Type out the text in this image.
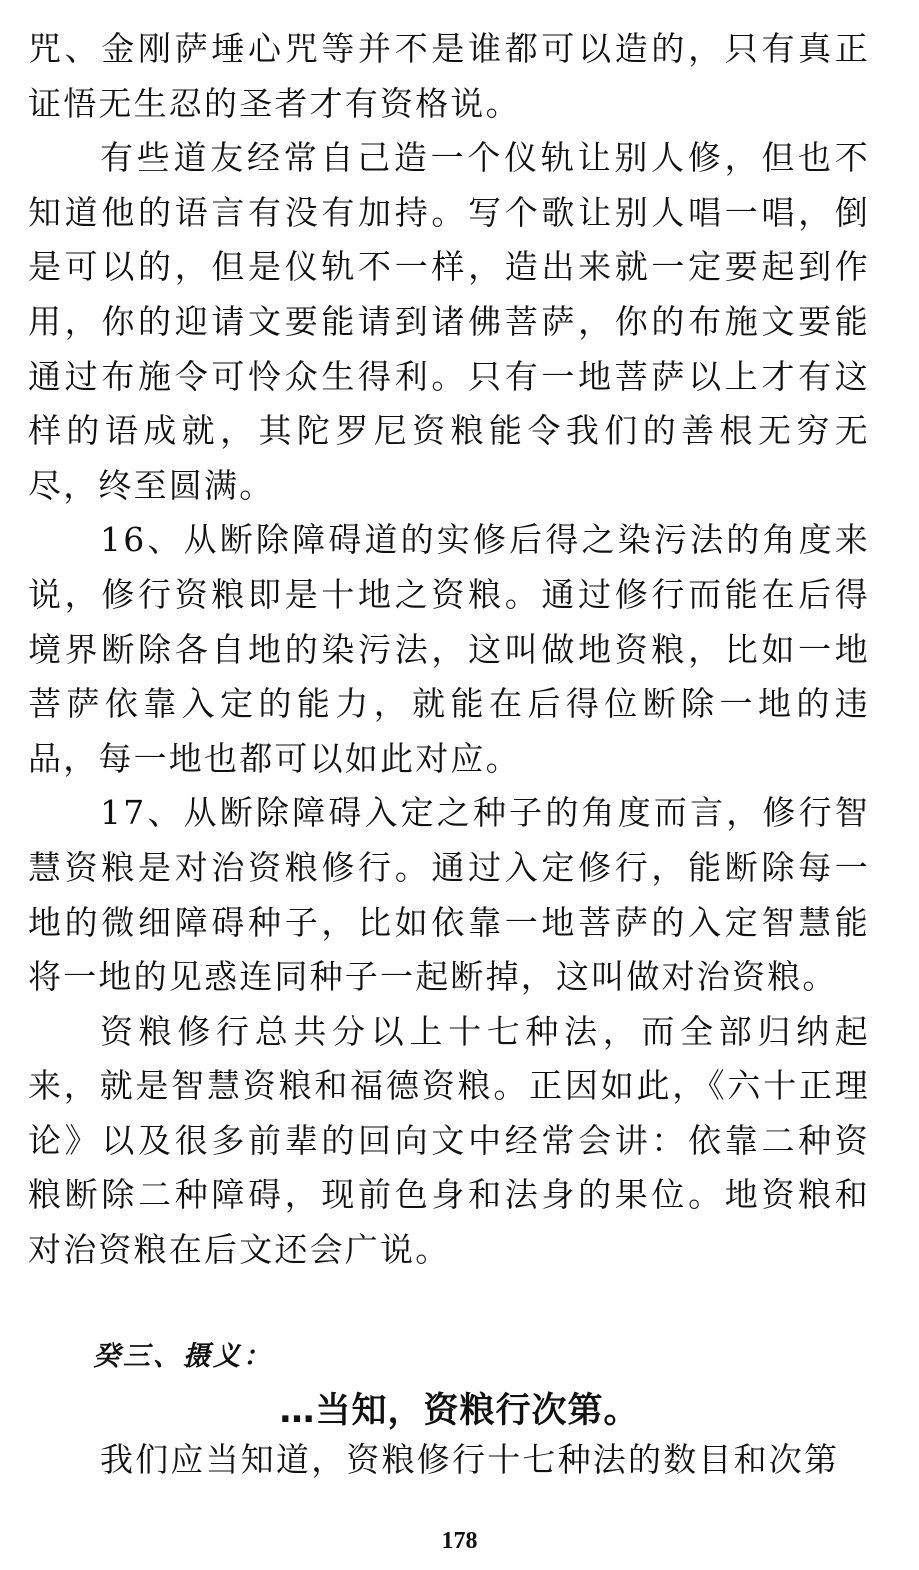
咒、金刚萨埵心咒等并不是谁都可以造的，只有真正证悟无生忍的圣者才有资格说。

有些道友经常自己造一个仪轨让别人修，但也不知道他的语言有没有加持。写个歌让别人唱一唱，倒是可以的，但是仪轨不一样，造出来就一定要起到作用，你的迎请文要能请到诸佛菩萨，你的布施文要能通过布施令可怜众生得利。只有一地菩萨以上才有这样的语成就，其陀罗尼资粮能令我们的善根无穷无尽，终至圆满。

16、从断除障碍道的实修后得之染污法的角度来说，修行资粮即是十地之资粮。通过修行而能在后得境界断除各自地的染污法，这叫做地资粮，比如一地菩萨依靠入定的能力，就能在后得位断除一地的违品，每一地也都可以如此对应。

17、从断除障碍入定之种子的角度而言，修行智慧资粮是对治资粮修行。通过入定修行，能断除每一地的微细障碍种子，比如依靠一地菩萨的入定智慧能将一地的见惑连同种子一起断掉，这叫做对治资粮。

资粮修行总共分以上十七种法，而全部归纳起来，就是智慧资粮和福德资粮。正因如此，《六十正理论》以及很多前辈的回向文中经常会讲：依靠二种资粮断除二种障碍，现前色身和法身的果位。地资粮和对治资粮在后文还会广说。

癸三、摄义：

…当知，资粮行次第。

我们应当知道，资粮修行十七种法的数目和次第

178
